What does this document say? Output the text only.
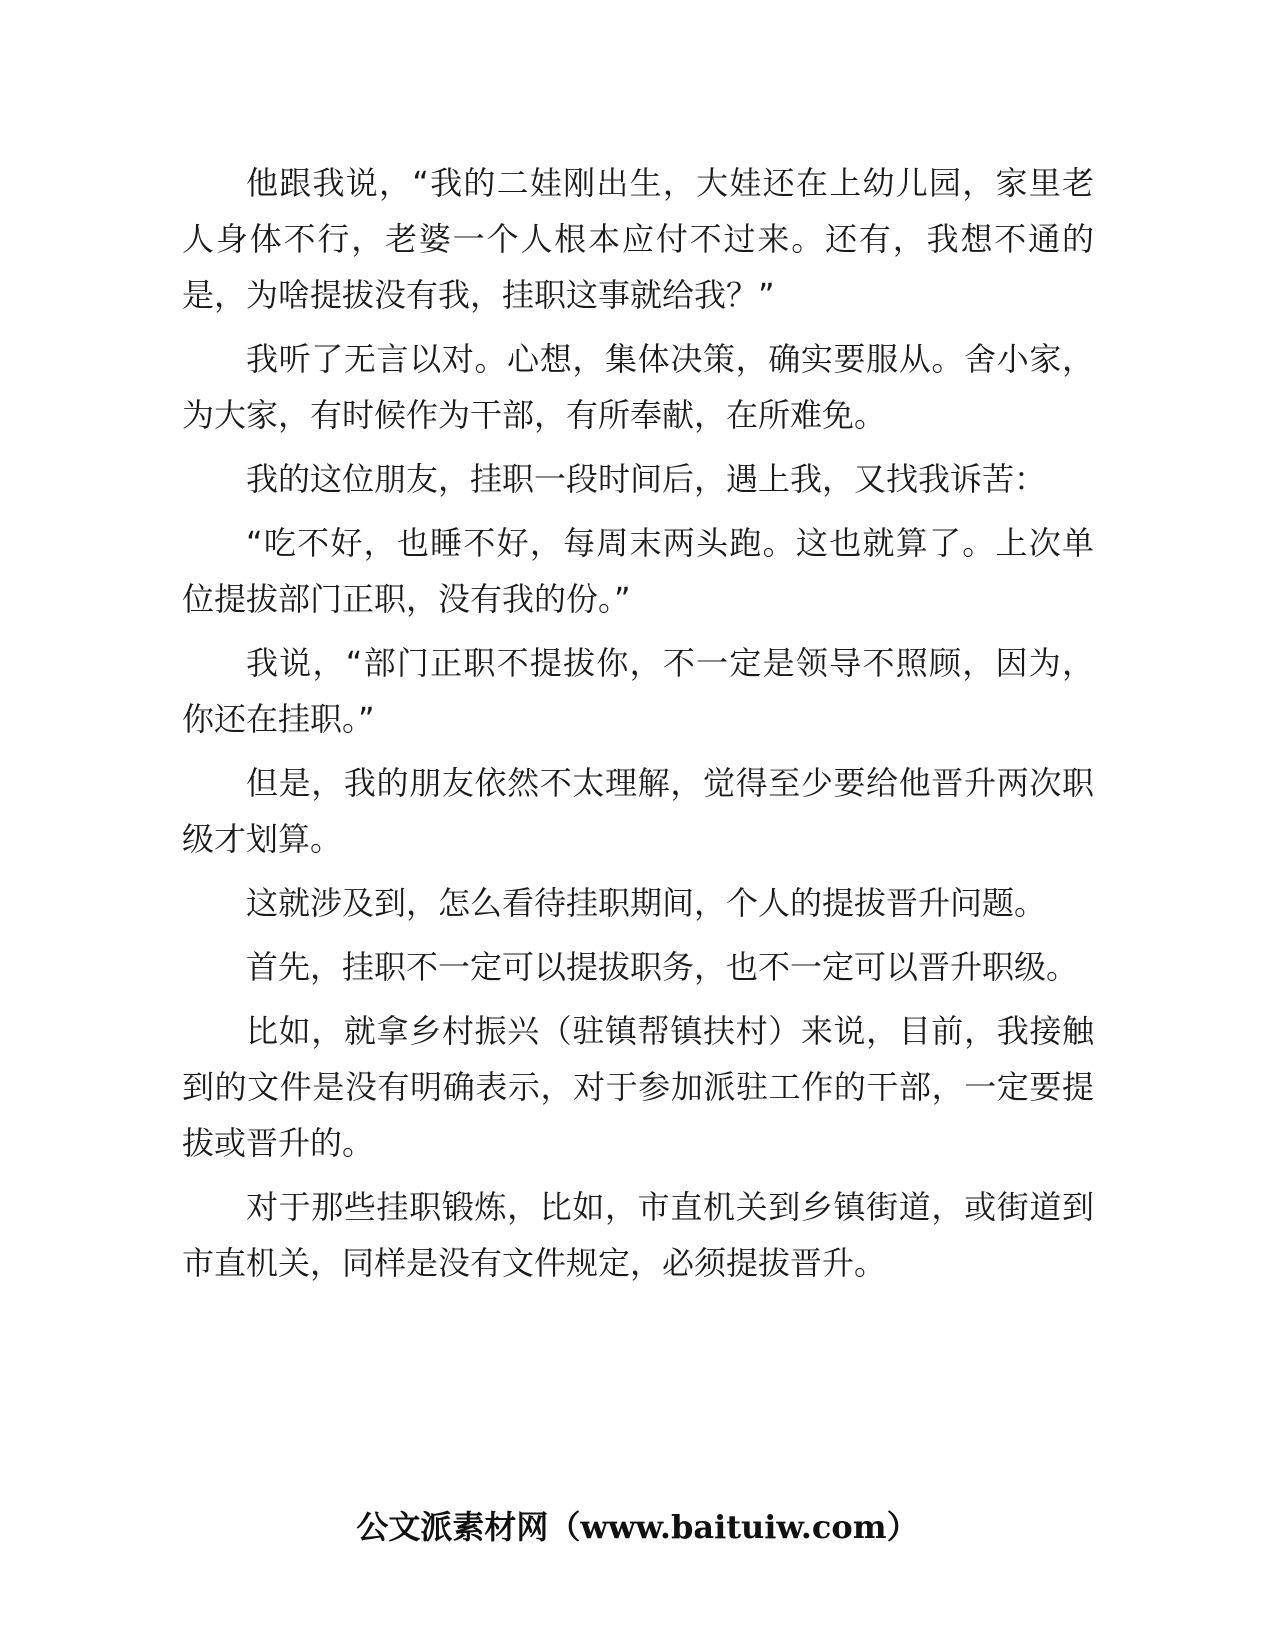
他跟我说，“我的二娃刚出生，大娃还在上幼儿园，家里老人身体不行，老婆一个人根本应付不过来。还有，我想不通的是，为啥提拔没有我，挂职这事就给我？”

我听了无言以对。心想，集体决策，确实要服从。舍小家，为大家，有时候作为干部，有所奉献，在所难免。

我的这位朋友，挂职一段时间后，遇上我，又找我诉苦：

“吃不好，也睡不好，每周末两头跑。这也就算了。上次单位提拔部门正职，没有我的份。”

我说，“部门正职不提拔你，不一定是领导不照顾，因为，你还在挂职。”

但是，我的朋友依然不太理解，觉得至少要给他晋升两次职级才划算。

这就涉及到，怎么看待挂职期间，个人的提拔晋升问题。

首先，挂职不一定可以提拔职务，也不一定可以晋升职级。

比如，就拿乡村振兴（驻镇帮镇扶村）来说，目前，我接触到的文件是没有明确表示，对于参加派驻工作的干部，一定要提拔或晋升的。

对于那些挂职锻炼，比如，市直机关到乡镇街道，或街道到市直机关，同样是没有文件规定，必须提拔晋升。

公文派素材网（www.baituiw.com）
